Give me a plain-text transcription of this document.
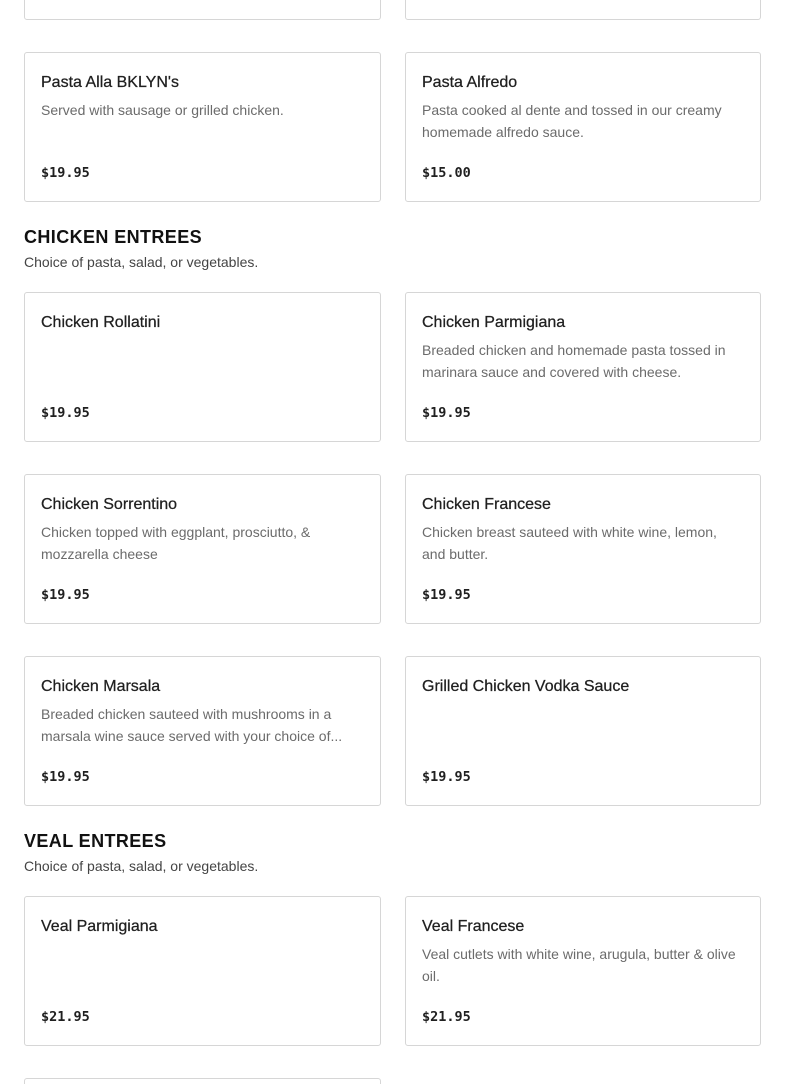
Pasta Alla BKLYN's
Served with sausage or grilled chicken.
$19.95
Pasta Alfredo
Pasta cooked al dente and tossed in our creamy homemade alfredo sauce.
$15.00
CHICKEN ENTREES
Choice of pasta, salad, or vegetables.
Chicken Rollatini
$19.95
Chicken Parmigiana
Breaded chicken and homemade pasta tossed in marinara sauce and covered with cheese.
$19.95
Chicken Sorrentino
Chicken topped with eggplant, prosciutto, & mozzarella cheese
$19.95
Chicken Francese
Chicken breast sauteed with white wine, lemon, and butter.
$19.95
Chicken Marsala
Breaded chicken sauteed with mushrooms in a marsala wine sauce served with your choice of...
$19.95
Grilled Chicken Vodka Sauce
$19.95
VEAL ENTREES
Choice of pasta, salad, or vegetables.
Veal Parmigiana
$21.95
Veal Francese
Veal cutlets with white wine, arugula, butter & olive oil.
$21.95
